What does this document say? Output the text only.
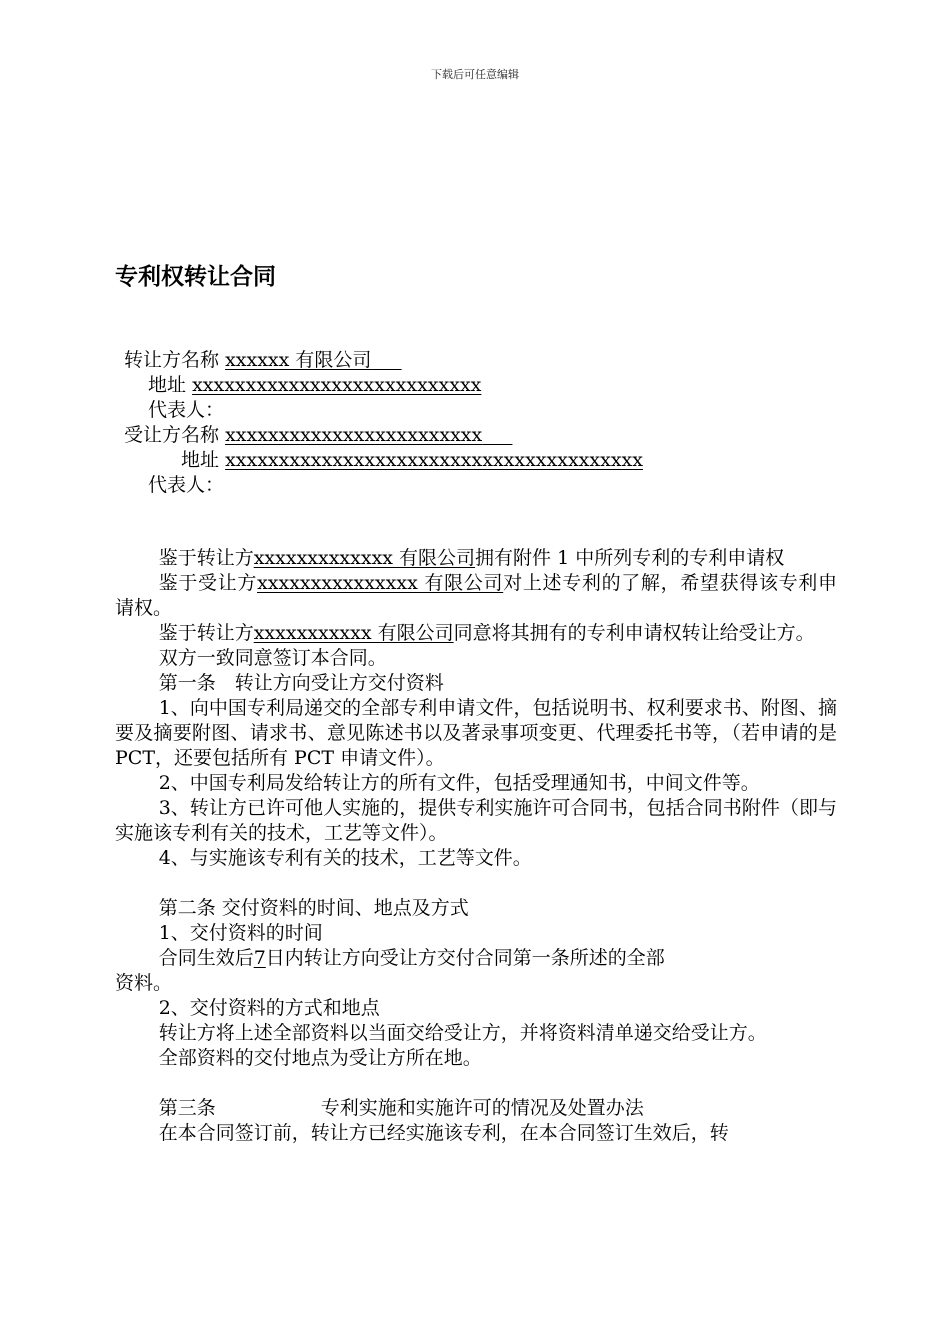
下载后可任意编辑
专利权转让合同
转让方名称 xxxxxx 有限公司
地址 xxxxxxxxxxxxxxxxxxxxxxxxxxx
代表人：
受让方名称 xxxxxxxxxxxxxxxxxxxxxxxx
地址 xxxxxxxxxxxxxxxxxxxxxxxxxxxxxxxxxxxxxxx
代表人：

鉴于转让方xxxxxxxxxxxxx 有限公司拥有附件 1 中所列专利的专利申请权

鉴于受让方xxxxxxxxxxxxxxx 有限公司对上述专利的了解，希望获得该专利申请权。

鉴于转让方xxxxxxxxxxx 有限公司同意将其拥有的专利申请权转让给受让方。

双方一致同意签订本合同。

第一条　转让方向受让方交付资料

1、向中国专利局递交的全部专利申请文件，包括说明书、权利要求书、附图、摘要及摘要附图、请求书、意见陈述书以及著录事项变更、代理委托书等，（若申请的是 PCT，还要包括所有 PCT 申请文件）。

2、中国专利局发给转让方的所有文件，包括受理通知书，中间文件等。

3、转让方已许可他人实施的，提供专利实施许可合同书，包括合同书附件（即与实施该专利有关的技术，工艺等文件）。

4、与实施该专利有关的技术，工艺等文件。

第二条 交付资料的时间、地点及方式

1、交付资料的时间

合同生效后7日内转让方向受让方交付合同第一条所述的全部

资料。

2、交付资料的方式和地点

转让方将上述全部资料以当面交给受让方，并将资料清单递交给受让方。

全部资料的交付地点为受让方所在地。

第三条	专利实施和实施许可的情况及处置办法

在本合同签订前，转让方已经实施该专利，在本合同签订生效后，转
